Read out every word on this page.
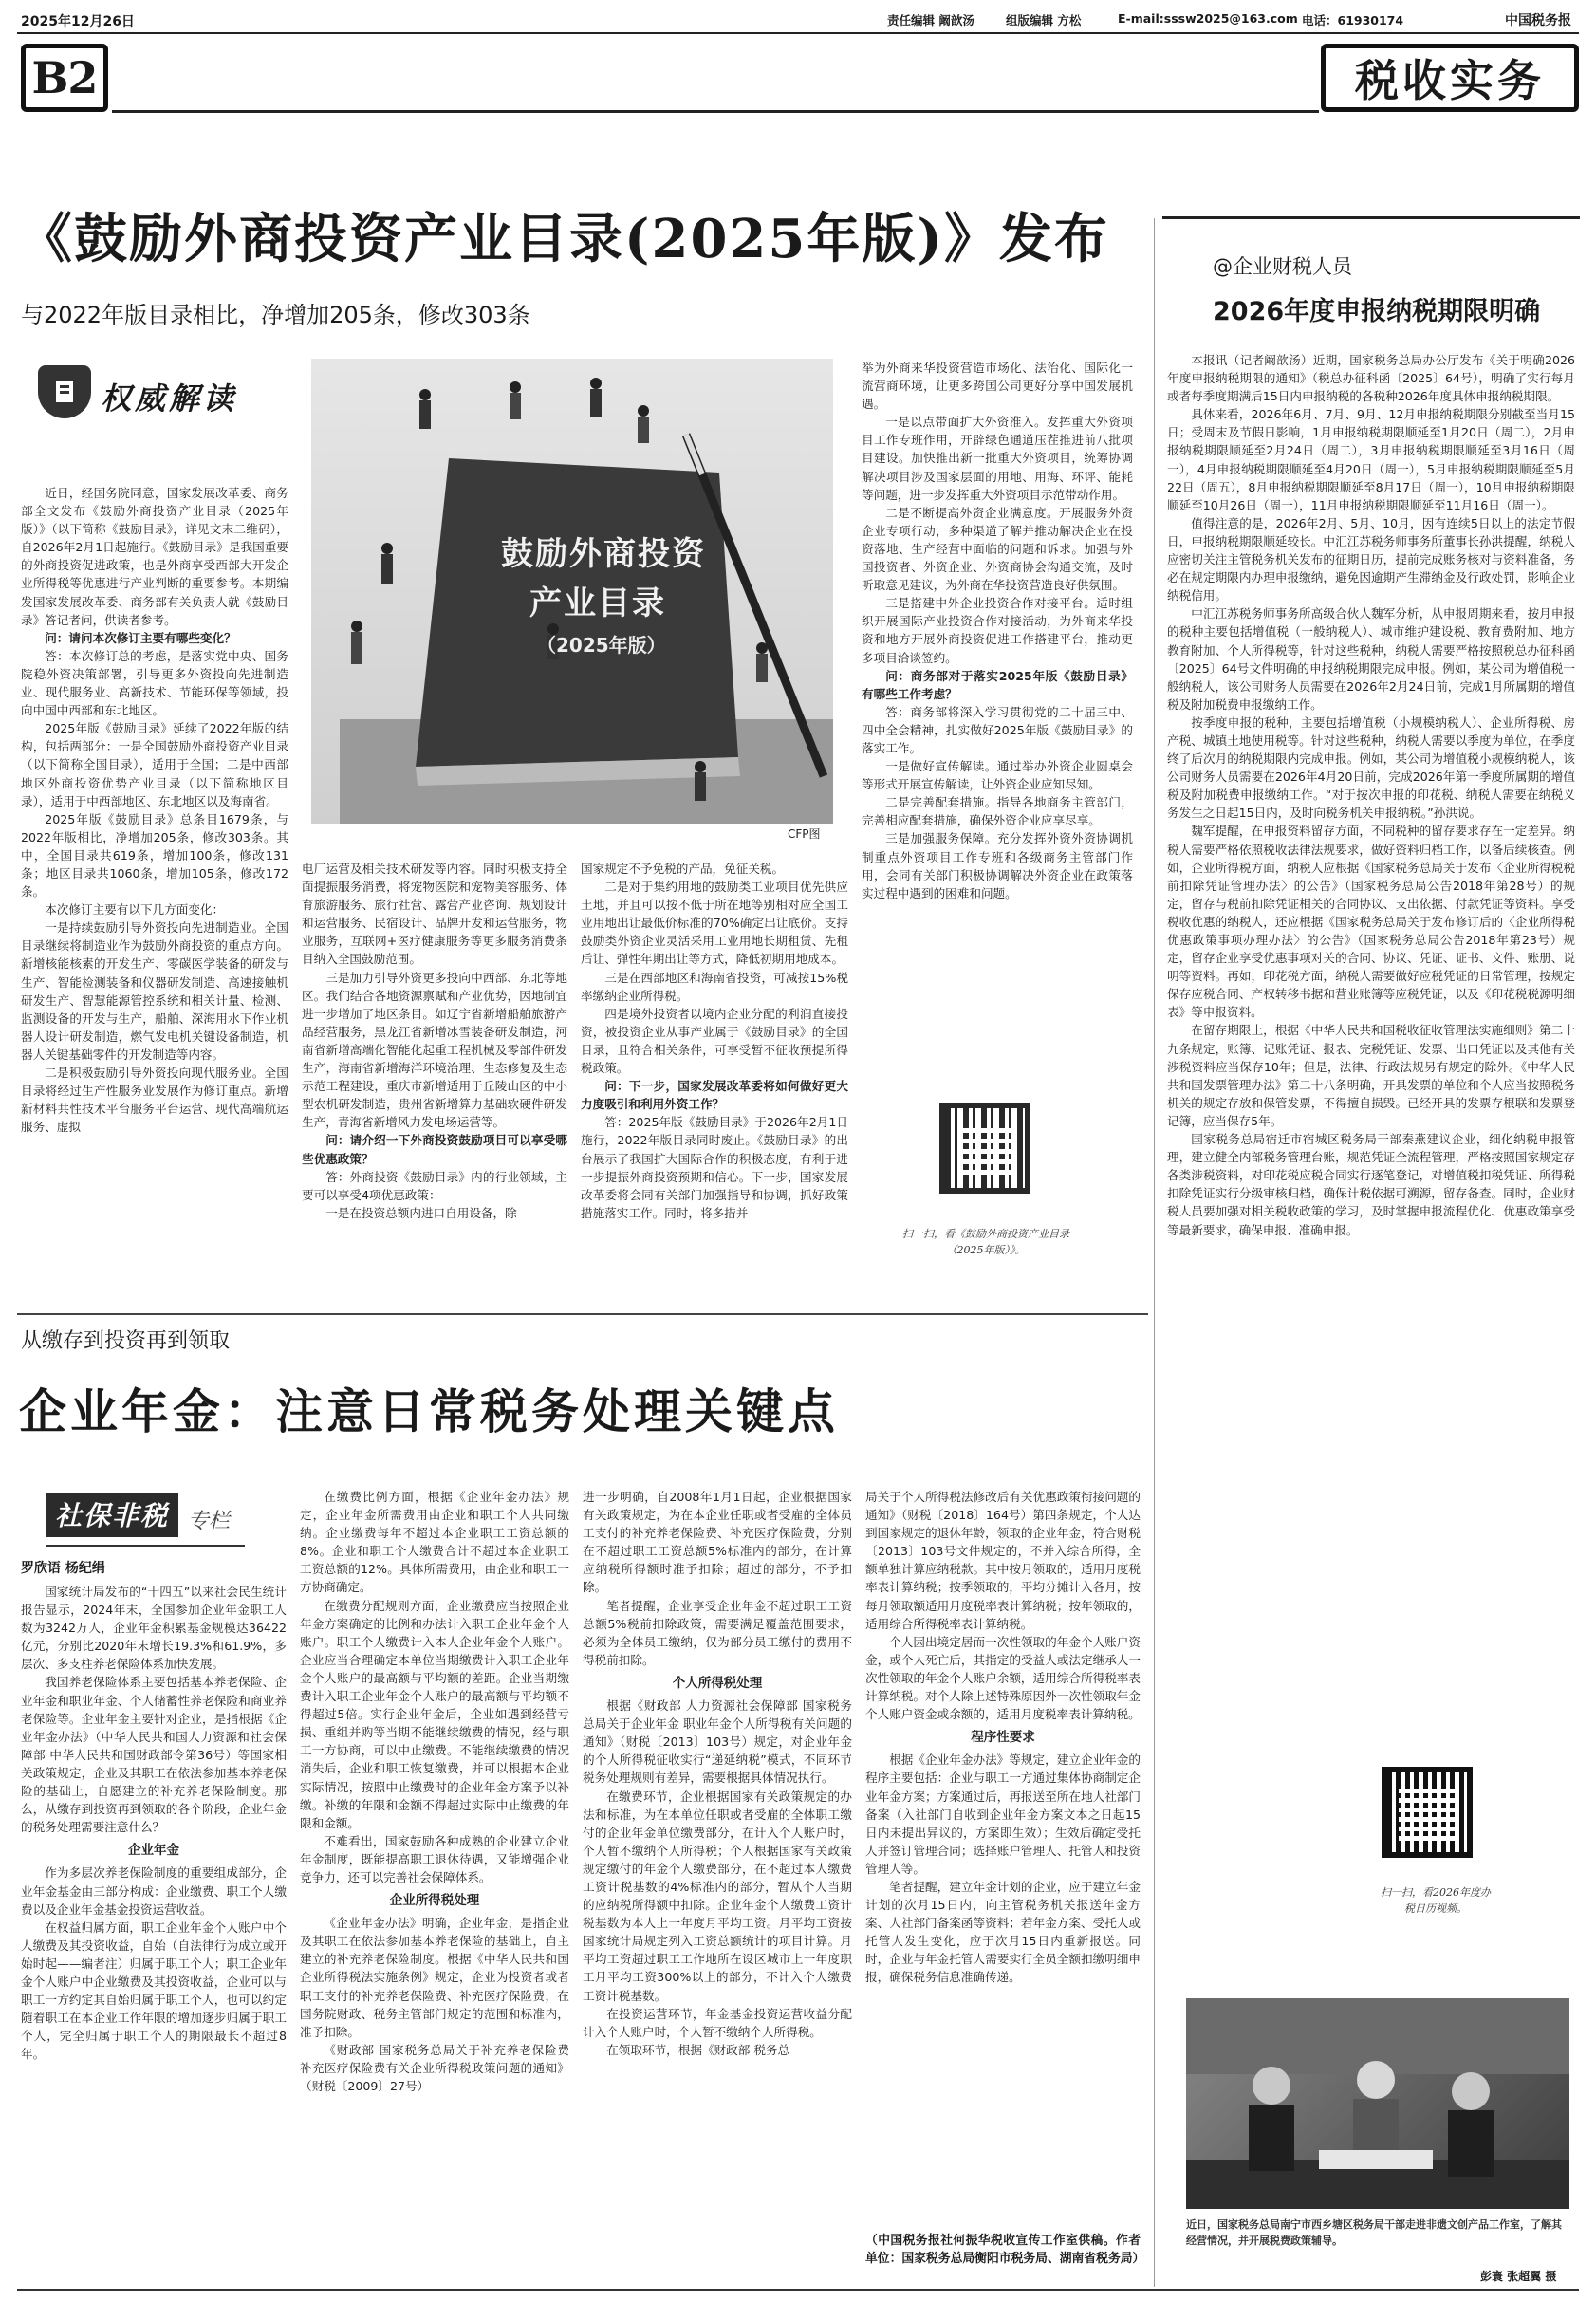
2025年12月26日	责任编辑 阚歆汤	组版编辑 方松	E-mail:sssw2025@163.com 电话：61930174	中国税务报
B2	税收实务
《鼓励外商投资产业目录(2025年版)》发布
与2022年版目录相比，净增加205条，修改303条
权威解读
鼓励外商投资
产业目录
（2025年版）
CFP图

近日，经国务院同意，国家发展改革委、商务部全文发布《鼓励外商投资产业目录（2025年版）》（以下简称《鼓励目录》，详见文末二维码），自2026年2月1日起施行。《鼓励目录》是我国重要的外商投资促进政策，也是外商享受西部大开发企业所得税等优惠进行产业判断的重要参考。本期编发国家发展改革委、商务部有关负责人就《鼓励目录》答记者问，供读者参考。

问：请问本次修订主要有哪些变化？

答：本次修订总的考虑，是落实党中央、国务院稳外资决策部署，引导更多外资投向先进制造业、现代服务业、高新技术、节能环保等领域，投向中国中西部和东北地区。

2025年版《鼓励目录》延续了2022年版的结构，包括两部分：一是全国鼓励外商投资产业目录（以下简称全国目录），适用于全国；二是中西部地区外商投资优势产业目录（以下简称地区目录），适用于中西部地区、东北地区以及海南省。

2025年版《鼓励目录》总条目1679条，与2022年版相比，净增加205条，修改303条。其中，全国目录共619条，增加100条，修改131条；地区目录共1060条，增加105条，修改172条。

本次修订主要有以下几方面变化：

一是持续鼓励引导外资投向先进制造业。全国目录继续将制造业作为鼓励外商投资的重点方向。新增核能核素的开发生产、零碳医学装备的研发与生产、智能检测装备和仪器研发制造、高速接触机研发生产、智慧能源管控系统和相关计量、检测、监测设备的开发与生产，船舶、深海用水下作业机器人设计研发制造，燃气发电机关键设备制造，机器人关键基础零件的开发制造等内容。

二是积极鼓励引导外资投向现代服务业。全国目录将经过生产性服务业发展作为修订重点。新增新材料共性技术平台服务平台运营、现代高端航运服务、虚拟

电厂运营及相关技术研发等内容。同时积极支持全面提振服务消费，将宠物医院和宠物美容服务、体育旅游服务、旅行社营、露营产业咨询、规划设计和运营服务、民宿设计、品牌开发和运营服务，物业服务，互联网+医疗健康服务等更多服务消费条目纳入全国鼓励范围。

三是加力引导外资更多投向中西部、东北等地区。我们结合各地资源禀赋和产业优势，因地制宜进一步增加了地区条目。如辽宁省新增船舶旅游产品经营服务，黑龙江省新增冰雪装备研发制造，河南省新增高端化智能化起重工程机械及零部件研发生产，海南省新增海洋环境治理、生态修复及生态示范工程建设，重庆市新增适用于丘陵山区的中小型农机研发制造，贵州省新增算力基础软硬件研发生产，青海省新增风力发电场运营等。

问：请介绍一下外商投资鼓励项目可以享受哪些优惠政策？

答：外商投资《鼓励目录》内的行业领域，主要可以享受4项优惠政策：

一是在投资总额内进口自用设备，除

国家规定不予免税的产品，免征关税。

二是对于集约用地的鼓励类工业项目优先供应土地，并且可以按不低于所在地等别相对应全国工业用地出让最低价标准的70%确定出让底价。支持鼓励类外资企业灵活采用工业用地长期租赁、先租后让、弹性年期出让等方式，降低初期用地成本。

三是在西部地区和海南省投资，可减按15%税率缴纳企业所得税。

四是境外投资者以境内企业分配的利润直接投资，被投资企业从事产业属于《鼓励目录》的全国目录，且符合相关条件，可享受暂不征收预提所得税政策。

问：下一步，国家发展改革委将如何做好更大力度吸引和利用外资工作？

答：2025年版《鼓励目录》于2026年2月1日施行，2022年版目录同时废止。《鼓励目录》的出台展示了我国扩大国际合作的积极态度，有利于进一步提振外商投资预期和信心。下一步，国家发展改革委将会同有关部门加强指导和协调，抓好政策措施落实工作。同时，将多措并

举为外商来华投资营造市场化、法治化、国际化一流营商环境，让更多跨国公司更好分享中国发展机遇。

一是以点带面扩大外资准入。发挥重大外资项目工作专班作用，开辟绿色通道压茬推进前八批项目建设。加快推出新一批重大外资项目，统筹协调解决项目涉及国家层面的用地、用海、环评、能耗等问题，进一步发挥重大外资项目示范带动作用。

二是不断提高外资企业满意度。开展服务外资企业专项行动，多种渠道了解并推动解决企业在投资落地、生产经营中面临的问题和诉求。加强与外国投资者、外资企业、外资商协会沟通交流，及时听取意见建议，为外商在华投资营造良好供氛围。

三是搭建中外企业投资合作对接平台。适时组织开展国际产业投资合作对接活动，为外商来华投资和地方开展外商投资促进工作搭建平台，推动更多项目洽谈签约。

问：商务部对于落实2025年版《鼓励目录》有哪些工作考虑？

答：商务部将深入学习贯彻党的二十届三中、四中全会精神，扎实做好2025年版《鼓励目录》的落实工作。

一是做好宣传解读。通过举办外资企业圆桌会等形式开展宣传解读，让外资企业应知尽知。

二是完善配套措施。指导各地商务主管部门，完善相应配套措施，确保外资企业应享尽享。

三是加强服务保障。充分发挥外资外资协调机制重点外资项目工作专班和各级商务主管部门作用，会同有关部门积极协调解决外资企业在政策落实过程中遇到的困难和问题。

扫一扫，看《鼓励外商投资产业目录（2025年版）》。
@企业财税人员
2026年度申报纳税期限明确

本报讯（记者阚歆汤）近期，国家税务总局办公厅发布《关于明确2026年度申报纳税期限的通知》（税总办征科函〔2025〕64号），明确了实行每月或者每季度期满后15日内申报纳税的各税种2026年度具体申报纳税期限。

具体来看，2026年6月、7月、9月、12月申报纳税期限分别截至当月15日；受周末及节假日影响，1月申报纳税期限顺延至1月20日（周二），2月申报纳税期限顺延至2月24日（周二），3月申报纳税期限顺延至3月16日（周一），4月申报纳税期限顺延至4月20日（周一），5月申报纳税期限顺延至5月22日（周五），8月申报纳税期限顺延至8月17日（周一），10月申报纳税期限顺延至10月26日（周一），11月申报纳税期限顺延至11月16日（周一）。

值得注意的是，2026年2月、5月、10月，因有连续5日以上的法定节假日，申报纳税期限顺延较长。中汇江苏税务师事务所董事长孙洪提醒，纳税人应密切关注主管税务机关发布的征期日历，提前完成账务核对与资料准备，务必在规定期限内办理申报缴纳，避免因逾期产生滞纳金及行政处罚，影响企业纳税信用。

中汇江苏税务师事务所高级合伙人魏军分析，从申报周期来看，按月申报的税种主要包括增值税（一般纳税人）、城市维护建设税、教育费附加、地方教育附加、个人所得税等，针对这些税种，纳税人需要严格按照税总办征科函〔2025〕64号文件明确的申报纳税期限完成申报。例如，某公司为增值税一般纳税人，该公司财务人员需要在2026年2月24日前，完成1月所属期的增值税及附加税费申报缴纳工作。

按季度申报的税种，主要包括增值税（小规模纳税人）、企业所得税、房产税、城镇土地使用税等。针对这些税种，纳税人需要以季度为单位，在季度终了后次月的纳税期限内完成申报。例如，某公司为增值税小规模纳税人，该公司财务人员需要在2026年4月20日前，完成2026年第一季度所属期的增值税及附加税费申报缴纳工作。“对于按次申报的印花税、纳税人需要在纳税义务发生之日起15日内，及时向税务机关申报纳税。”孙洪说。

魏军提醒，在申报资料留存方面，不同税种的留存要求存在一定差异。纳税人需要严格依照税收法律法规要求，做好资料归档工作，以备后续核查。例如，企业所得税方面，纳税人应根据《国家税务总局关于发布〈企业所得税税前扣除凭证管理办法〉的公告》（国家税务总局公告2018年第28号）的规定，留存与税前扣除凭证相关的合同协议、支出依据、付款凭证等资料。享受税收优惠的纳税人，还应根据《国家税务总局关于发布修订后的〈企业所得税优惠政策事项办理办法〉的公告》（国家税务总局公告2018年第23号）规定，留存企业享受优惠事项对关的合同、协议、凭证、证书、文件、账册、说明等资料。再如，印花税方面，纳税人需要做好应税凭证的日常管理，按规定保存应税合同、产权转移书据和营业账簿等应税凭证，以及《印花税税源明细表》等申报资料。

在留存期限上，根据《中华人民共和国税收征收管理法实施细则》第二十九条规定，账簿、记账凭证、报表、完税凭证、发票、出口凭证以及其他有关涉税资料应当保存10年；但是，法律、行政法规另有规定的除外。《中华人民共和国发票管理办法》第二十八条明确，开具发票的单位和个人应当按照税务机关的规定存放和保管发票，不得擅自损毁。已经开具的发票存根联和发票登记簿，应当保存5年。

国家税务总局宿迁市宿城区税务局干部秦燕建议企业，细化纳税申报管理，建立健全内部税务管理台账，规范凭证全流程管理，严格按照国家规定存各类涉税资料，对印花税应税合同实行逐笔登记，对增值税扣税凭证、所得税扣除凭证实行分级审核归档，确保计税依据可溯源，留存备查。同时，企业财税人员要加强对相关税收政策的学习，及时掌握申报流程优化、优惠政策享受等最新要求，确保申报、准确申报。

扫一扫，看2026年度办税日历视频。
近日，国家税务总局南宁市西乡塘区税务局干部走进非遗文创产品工作室，了解其经营情况，并开展税费政策辅导。
彭寰 张超翼 摄
从缴存到投资再到领取
企业年金：注意日常税务处理关键点
社保非税 专栏
罗欣语 杨纪绢

国家统计局发布的“十四五”以来社会民生统计报告显示，2024年末，全国参加企业年金职工人数为3242万人，企业年金积累基金规模达36422亿元，分别比2020年末增长19.3%和61.9%，多层次、多支柱养老保险体系加快发展。

我国养老保险体系主要包括基本养老保险、企业年金和职业年金、个人储蓄性养老保险和商业养老保险等。企业年金主要针对企业，是指根据《企业年金办法》（中华人民共和国人力资源和社会保障部 中华人民共和国财政部令第36号）等国家相关政策规定，企业及其职工在依法参加基本养老保险的基础上，自愿建立的补充养老保险制度。那么，从缴存到投资再到领取的各个阶段，企业年金的税务处理需要注意什么？

企业年金

作为多层次养老保险制度的重要组成部分，企业年金基金由三部分构成：企业缴费、职工个人缴费以及企业年金基金投资运营收益。

在权益归属方面，职工企业年金个人账户中个人缴费及其投资收益，自始（自法律行为成立或开始时起——编者注）归属于职工个人；职工企业年金个人账户中企业缴费及其投资收益，企业可以与职工一方约定其自始归属于职工个人，也可以约定随着职工在本企业工作年限的增加逐步归属于职工个人，完全归属于职工个人的期限最长不超过8年。

在缴费比例方面，根据《企业年金办法》规定，企业年金所需费用由企业和职工个人共同缴纳。企业缴费每年不超过本企业职工工资总额的8%。企业和职工个人缴费合计不超过本企业职工工资总额的12%。具体所需费用，由企业和职工一方协商确定。

在缴费分配规则方面，企业缴费应当按照企业年金方案确定的比例和办法计入职工企业年金个人账户。职工个人缴费计入本人企业年金个人账户。企业应当合理确定本单位当期缴费计入职工企业年金个人账户的最高额与平均额的差距。企业当期缴费计入职工企业年金个人账户的最高额与平均额不得超过5倍。实行企业年金后，企业如遇到经营亏损、重组并购等当期不能继续缴费的情况，经与职工一方协商，可以中止缴费。不能继续缴费的情况消失后，企业和职工恢复缴费，并可以根据本企业实际情况，按照中止缴费时的企业年金方案予以补缴。补缴的年限和金额不得超过实际中止缴费的年限和金额。

不难看出，国家鼓励各种成熟的企业建立企业年金制度，既能提高职工退休待遇，又能增强企业竞争力，还可以完善社会保障体系。

企业所得税处理

《企业年金办法》明确，企业年金，是指企业及其职工在依法参加基本养老保险的基础上，自主建立的补充养老保险制度。根据《中华人民共和国企业所得税法实施条例》规定，企业为投资者或者职工支付的补充养老保险费、补充医疗保险费，在国务院财政、税务主管部门规定的范围和标准内，准予扣除。

《财政部 国家税务总局关于补充养老保险费 补充医疗保险费有关企业所得税政策问题的通知》（财税〔2009〕27号）

进一步明确，自2008年1月1日起，企业根据国家有关政策规定，为在本企业任职或者受雇的全体员工支付的补充养老保险费、补充医疗保险费，分别在不超过职工工资总额5%标准内的部分，在计算应纳税所得额时准予扣除；超过的部分，不予扣除。

笔者提醒，企业享受企业年金不超过职工工资总额5%税前扣除政策，需要满足覆盖范围要求，必须为全体员工缴纳，仅为部分员工缴付的费用不得税前扣除。

个人所得税处理

根据《财政部 人力资源社会保障部 国家税务总局关于企业年金 职业年金个人所得税有关问题的通知》（财税〔2013〕103号）规定，对企业年金的个人所得税征收实行“递延纳税”模式，不同环节税务处理规则有差异，需要根据具体情况执行。

在缴费环节，企业根据国家有关政策规定的办法和标准，为在本单位任职或者受雇的全体职工缴付的企业年金单位缴费部分，在计入个人账户时，个人暂不缴纳个人所得税；个人根据国家有关政策规定缴付的年金个人缴费部分，在不超过本人缴费工资计税基数的4%标准内的部分，暂从个人当期的应纳税所得额中扣除。企业年金个人缴费工资计税基数为本人上一年度月平均工资。月平均工资按国家统计局规定列入工资总额统计的项目计算。月平均工资超过职工工作地所在设区城市上一年度职工月平均工资300%以上的部分，不计入个人缴费工资计税基数。

在投资运营环节，年金基金投资运营收益分配计入个人账户时，个人暂不缴纳个人所得税。

在领取环节，根据《财政部 税务总

局关于个人所得税法修改后有关优惠政策衔接问题的通知》（财税〔2018〕164号）第四条规定，个人达到国家规定的退休年龄，领取的企业年金，符合财税〔2013〕103号文件规定的，不并入综合所得，全额单独计算应纳税款。其中按月领取的，适用月度税率表计算纳税；按季领取的，平均分摊计入各月，按每月领取额适用月度税率表计算纳税；按年领取的，适用综合所得税率表计算纳税。

个人因出境定居而一次性领取的年金个人账户资金，或个人死亡后，其指定的受益人或法定继承人一次性领取的年金个人账户余额，适用综合所得税率表计算纳税。对个人除上述特殊原因外一次性领取年金个人账户资金或余额的，适用月度税率表计算纳税。

程序性要求

根据《企业年金办法》等规定，建立企业年金的程序主要包括：企业与职工一方通过集体协商制定企业年金方案；方案通过后，再报送至所在地人社部门备案（入社部门自收到企业年金方案文本之日起15日内未提出异议的，方案即生效）；生效后确定受托人并签订管理合同；选择账户管理人、托管人和投资管理人等。

笔者提醒，建立年金计划的企业，应于建立年金计划的次月15日内，向主管税务机关报送年金方案、人社部门备案函等资料；若年金方案、受托人或托管人发生变化，应于次月15日内重新报送。同时，企业与年金托管人需要实行全员全额扣缴明细申报，确保税务信息准确传递。

（中国税务报社何振华税收宣传工作室供稿。作者单位：国家税务总局衡阳市税务局、湖南省税务局）
